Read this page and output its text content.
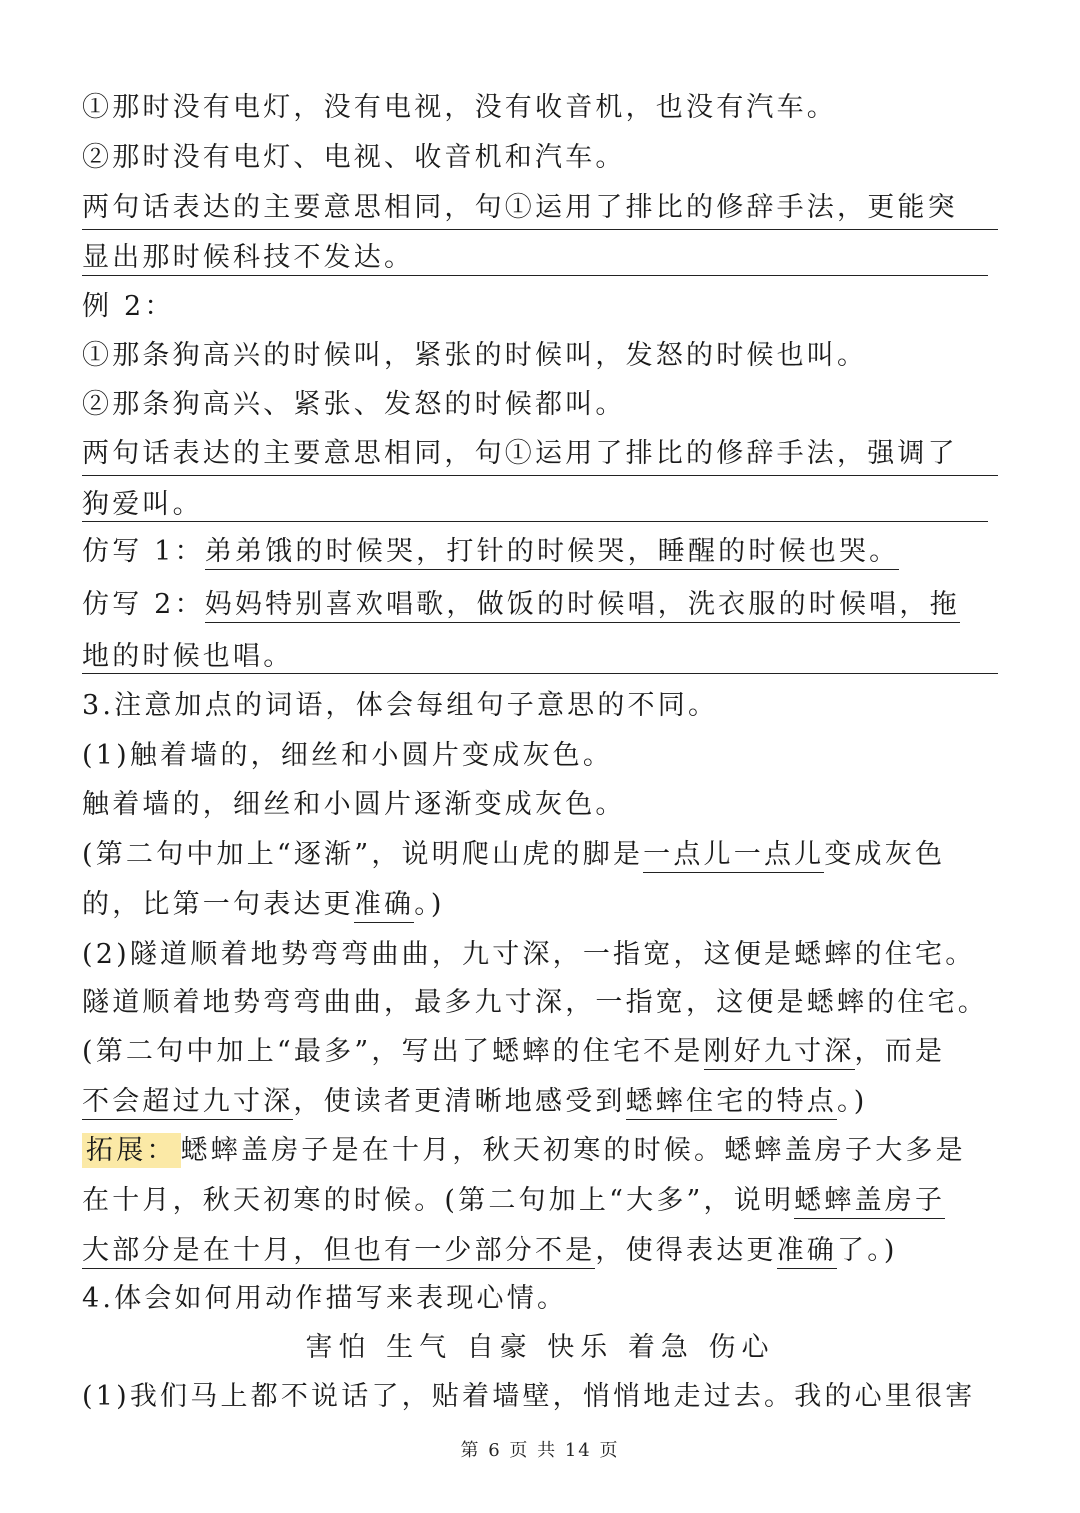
①那时没有电灯，没有电视，没有收音机，也没有汽车。
②那时没有电灯、电视、收音机和汽车。
两句话表达的主要意思相同，句①运用了排比的修辞手法，更能突
显出那时候科技不发达。
例 2：
①那条狗高兴的时候叫，紧张的时候叫，发怒的时候也叫。
②那条狗高兴、紧张、发怒的时候都叫。
两句话表达的主要意思相同，句①运用了排比的修辞手法，强调了
狗爱叫。
仿写 1：弟弟饿的时候哭，打针的时候哭，睡醒的时候也哭。
仿写 2：妈妈特别喜欢唱歌，做饭的时候唱，洗衣服的时候唱，拖
地的时候也唱。
3.注意加点的词语，体会每组句子意思的不同。
(1)触着墙的，细丝和小圆片变成灰色。
触着墙的，细丝和小圆片逐渐变成灰色。
(第二句中加上“逐渐”，说明爬山虎的脚是一点儿一点儿变成灰色
的，比第一句表达更准确。)
(2)隧道顺着地势弯弯曲曲，九寸深，一指宽，这便是蟋蟀的住宅。
隧道顺着地势弯弯曲曲，最多九寸深，一指宽，这便是蟋蟀的住宅。
(第二句中加上“最多”，写出了蟋蟀的住宅不是刚好九寸深，而是
不会超过九寸深，使读者更清晰地感受到蟋蟀住宅的特点。)
拓展： 蟋蟀盖房子是在十月，秋天初寒的时候。蟋蟀盖房子大多是
在十月，秋天初寒的时候。(第二句加上“大多”，说明蟋蟀盖房子
大部分是在十月，但也有一少部分不是，使得表达更准确了。)
4.体会如何用动作描写来表现心情。
害怕 生气 自豪 快乐 着急 伤心
(1)我们马上都不说话了，贴着墙壁，悄悄地走过去。我的心里很害
第 6 页 共 14 页
